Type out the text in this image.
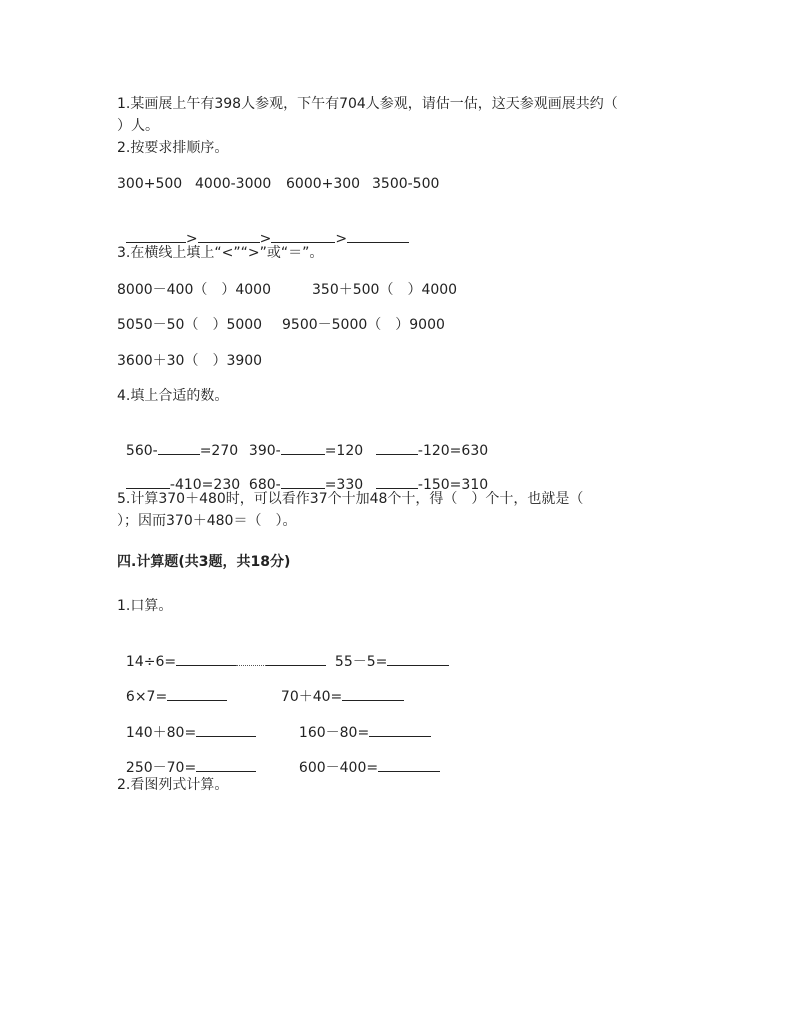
1.某画展上午有398人参观，下午有704人参观，请估一估，这天参观画展共约（
）人。
2.按要求排顺序。
300+500 4000-3000 6000+300 3500-500

>	>	>

3.在横线上填上“<”“>”或“＝”。
8000－400（　）4000	350＋500（　）4000
5050－50（　）5000 9500－5000（　）9000
3600＋30（　）3900
4.填上合适的数。

560-	=270 390-	=120	-120=630

-410=230 680-	=330	-150=310

5.计算370＋480时，可以看作37个十加48个十，得（　）个十，也就是（
）；因而370＋480＝（　）。
四.计算题(共3题，共18分)
1.口算。

14÷6=	55－5=

6×7=	70＋40=

140＋80=	160－80=

250－70=	600－400=

2.看图列式计算。
